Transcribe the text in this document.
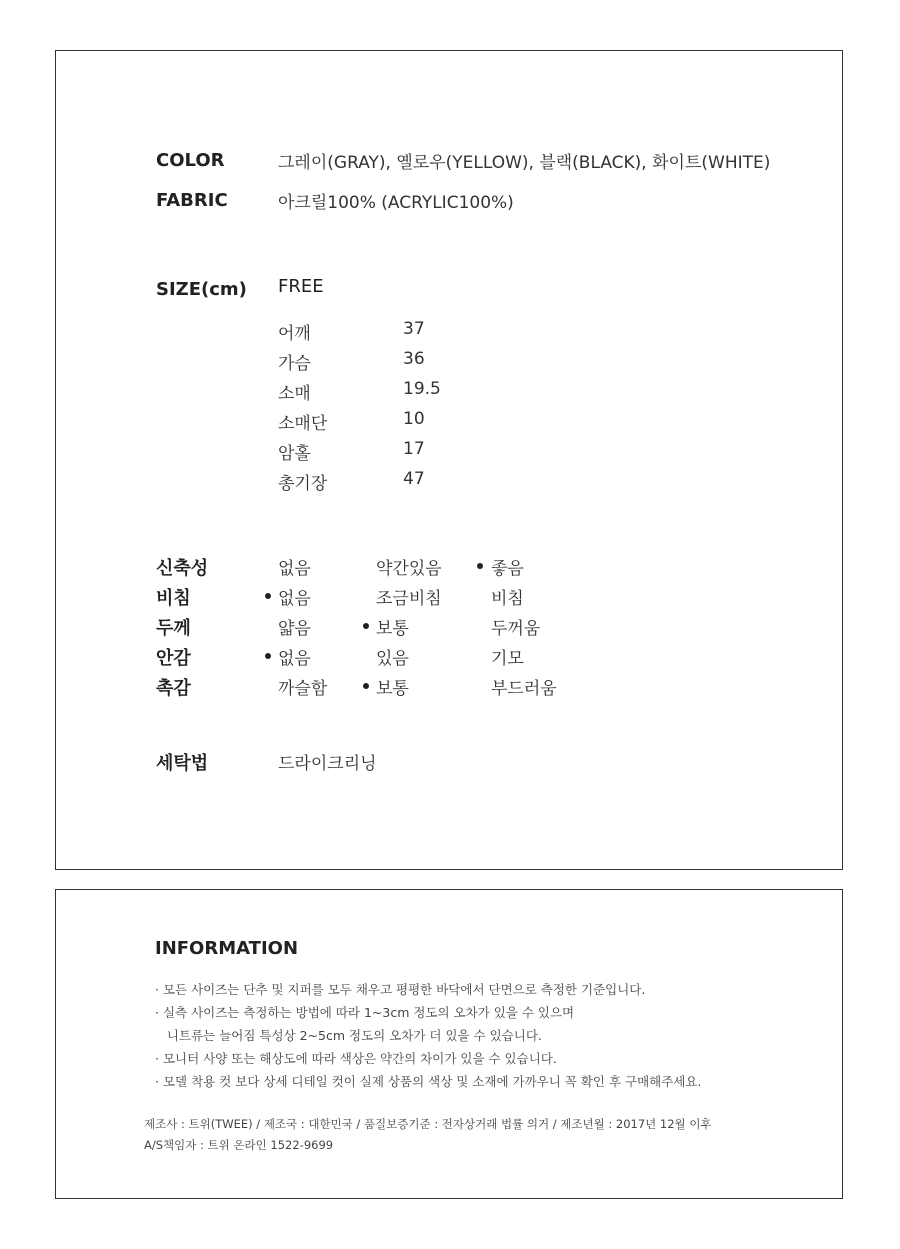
COLOR	그레이(GRAY), 옐로우(YELLOW), 블랙(BLACK), 화이트(WHITE)
FABRIC	아크릴100% (ACRYLIC100%)
SIZE(cm) FREE
어깨	37
가슴	36
소매	19.5
소매단	10
암홀	17
총기장	47
신축성	없음	약간있음	좋음
비침	없음	조금비침	비침
두께	얇음	보통	두꺼움
안감	없음	있음	기모
촉감	까슬함	보통	부드러움
세탁법	드라이크리닝
INFORMATION
· 모든 사이즈는 단추 및 지퍼를 모두 채우고 평평한 바닥에서 단면으로 측정한 기준입니다.
· 실측 사이즈는 측정하는 방법에 따라 1~3cm 정도의 오차가 있을 수 있으며
니트류는 늘어짐 특성상 2~5cm 정도의 오차가 더 있을 수 있습니다.
· 모니터 사양 또는 해상도에 따라 색상은 약간의 차이가 있을 수 있습니다.
· 모델 착용 컷 보다 상세 디테일 컷이 실제 상품의 색상 및 소재에 가까우니 꼭 확인 후 구매해주세요.
제조사 : 트위(TWEE) / 제조국 : 대한민국 / 품질보증기준 : 전자상거래 법률 의거 / 제조년월 : 2017년 12월 이후
A/S책임자 : 트위 온라인 1522-9699
